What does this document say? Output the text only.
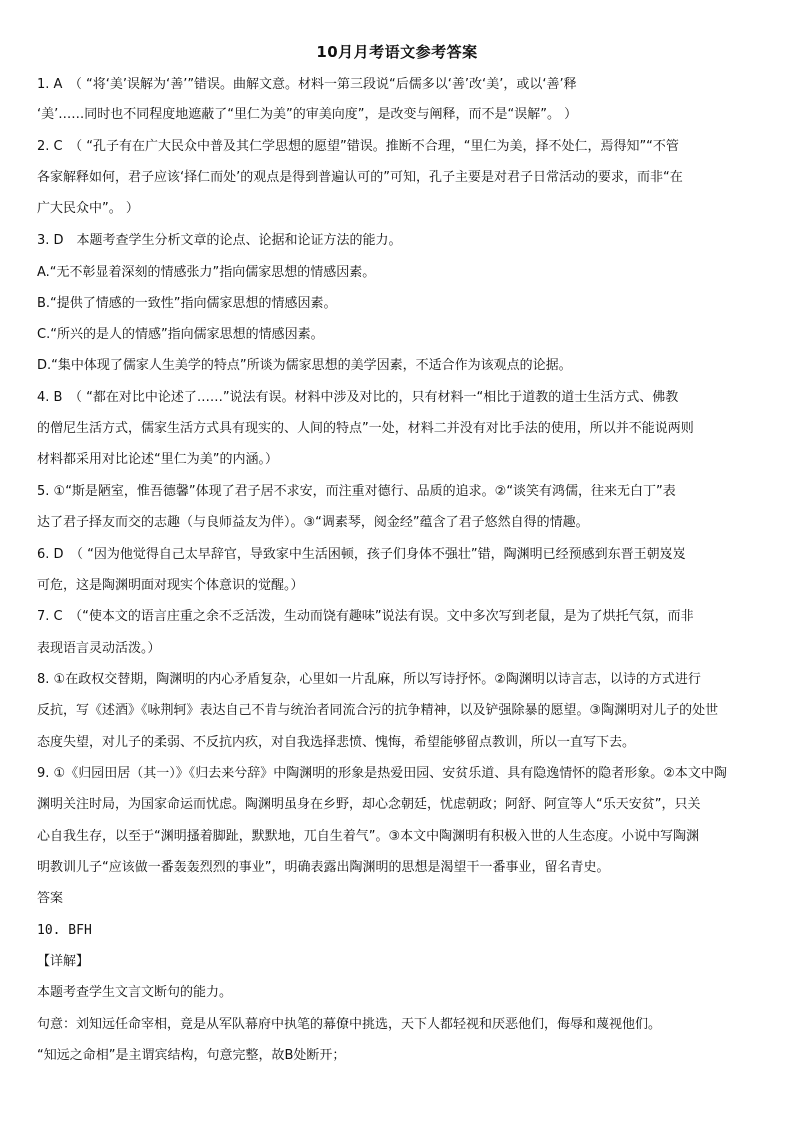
10月月考语文参考答案
1. A　（ “将‘美’误解为‘善’”错误。曲解文意。材料一第三段说“后儒多以‘善’改‘美’，或以‘善’释
‘美’……同时也不同程度地遮蔽了“里仁为美”的审美向度”，是改变与阐释，而不是“误解”。 ）
2. C　（ “孔子有在广大民众中普及其仁学思想的愿望”错误。推断不合理，“里仁为美，择不处仁，焉得知”“不管
各家解释如何，君子应该‘择仁而处’的观点是得到普遍认可的”可知，孔子主要是对君子日常活动的要求，而非“在
广大民众中”。 ）
3. D　本题考查学生分析文章的论点、论据和论证方法的能力。
A.“无不彰显着深刻的情感张力”指向儒家思想的情感因素。
B.“提供了情感的一致性”指向儒家思想的情感因素。
C.“所兴的是人的情感”指向儒家思想的情感因素。
D.“集中体现了儒家人生美学的特点”所谈为儒家思想的美学因素，不适合作为该观点的论据。
4. B　（ “都在对比中论述了……”说法有误。材料中涉及对比的，只有材料一“相比于道教的道士生活方式、佛教
的僧尼生活方式，儒家生活方式具有现实的、人间的特点”一处，材料二并没有对比手法的使用，所以并不能说两则
材料都采用对比论述“里仁为美”的内涵。）
5. ①“斯是陋室，惟吾德馨”体现了君子居不求安，而注重对德行、品质的追求。②“谈笑有鸿儒，往来无白丁”表
达了君子择友而交的志趣（与良师益友为伴）。③“调素琴，阅金经”蕴含了君子悠然自得的情趣。
6. D　（ “因为他觉得自己太早辞官，导致家中生活困顿，孩子们身体不强壮”错，陶渊明已经预感到东晋王朝岌岌
可危，这是陶渊明面对现实个体意识的觉醒。）
7. C　（“使本文的语言庄重之余不乏活泼，生动而饶有趣味”说法有误。文中多次写到老鼠，是为了烘托气氛，而非
表现语言灵动活泼。）
8. ①在政权交替期，陶渊明的内心矛盾复杂，心里如一片乱麻，所以写诗抒怀。②陶渊明以诗言志，以诗的方式进行
反抗，写《述酒》《咏荆轲》表达自己不肯与统治者同流合污的抗争精神，以及铲强除暴的愿望。③陶渊明对儿子的处世
态度失望，对儿子的柔弱、不反抗内疚，对自我选择悲愤、愧悔，希望能够留点教训，所以一直写下去。
9. ①《归园田居（其一）》《归去来兮辞》中陶渊明的形象是热爱田园、安贫乐道、具有隐逸情怀的隐者形象。②本文中陶
渊明关注时局，为国家命运而忧虑。陶渊明虽身在乡野，却心念朝廷，忧虑朝政；阿舒、阿宣等人“乐天安贫”，只关
心自我生存，以至于“渊明搔着脚趾，默默地，兀自生着气”。③本文中陶渊明有积极入世的人生态度。小说中写陶渊
明教训儿子“应该做一番轰轰烈烈的事业”，明确表露出陶渊明的思想是渴望干一番事业，留名青史。
答案
10. BFH
【详解】
本题考查学生文言文断句的能力。
句意：刘知远任命宰相，竟是从军队幕府中执笔的幕僚中挑选，天下人都轻视和厌恶他们，侮辱和蔑视他们。
“知远之命相”是主谓宾结构，句意完整，故B处断开；
